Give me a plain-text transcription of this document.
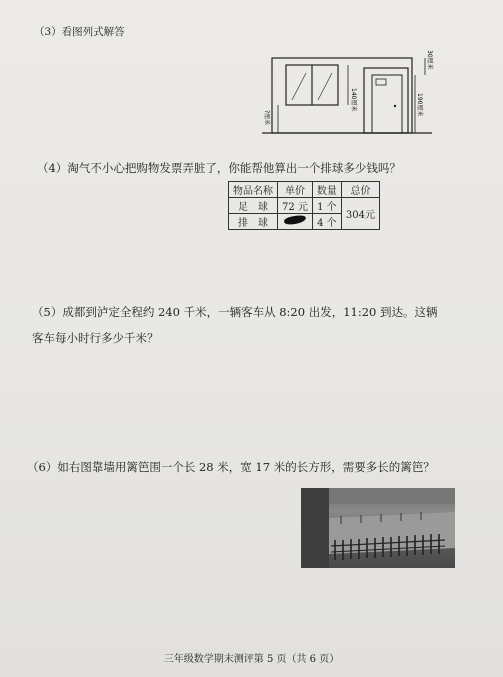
（3）看图列式解答
140厘米	190厘米
30厘米
?厘米
（4）淘气不小心把购物发票弄脏了，你能帮他算出一个排球多少钱吗？
物品名称	单价	数量	总价
足　球	72 元	1 个	304元
排　球		4 个	
（5）成都到泸定全程约 240 千米，一辆客车从 8:20 出发，11:20 到达。这辆
客车每小时行多少千米？
（6）如右图靠墙用篱笆围一个长 28 米，宽 17 米的长方形，需要多长的篱笆？
三年级数学期末测评第 5 页（共 6 页）
